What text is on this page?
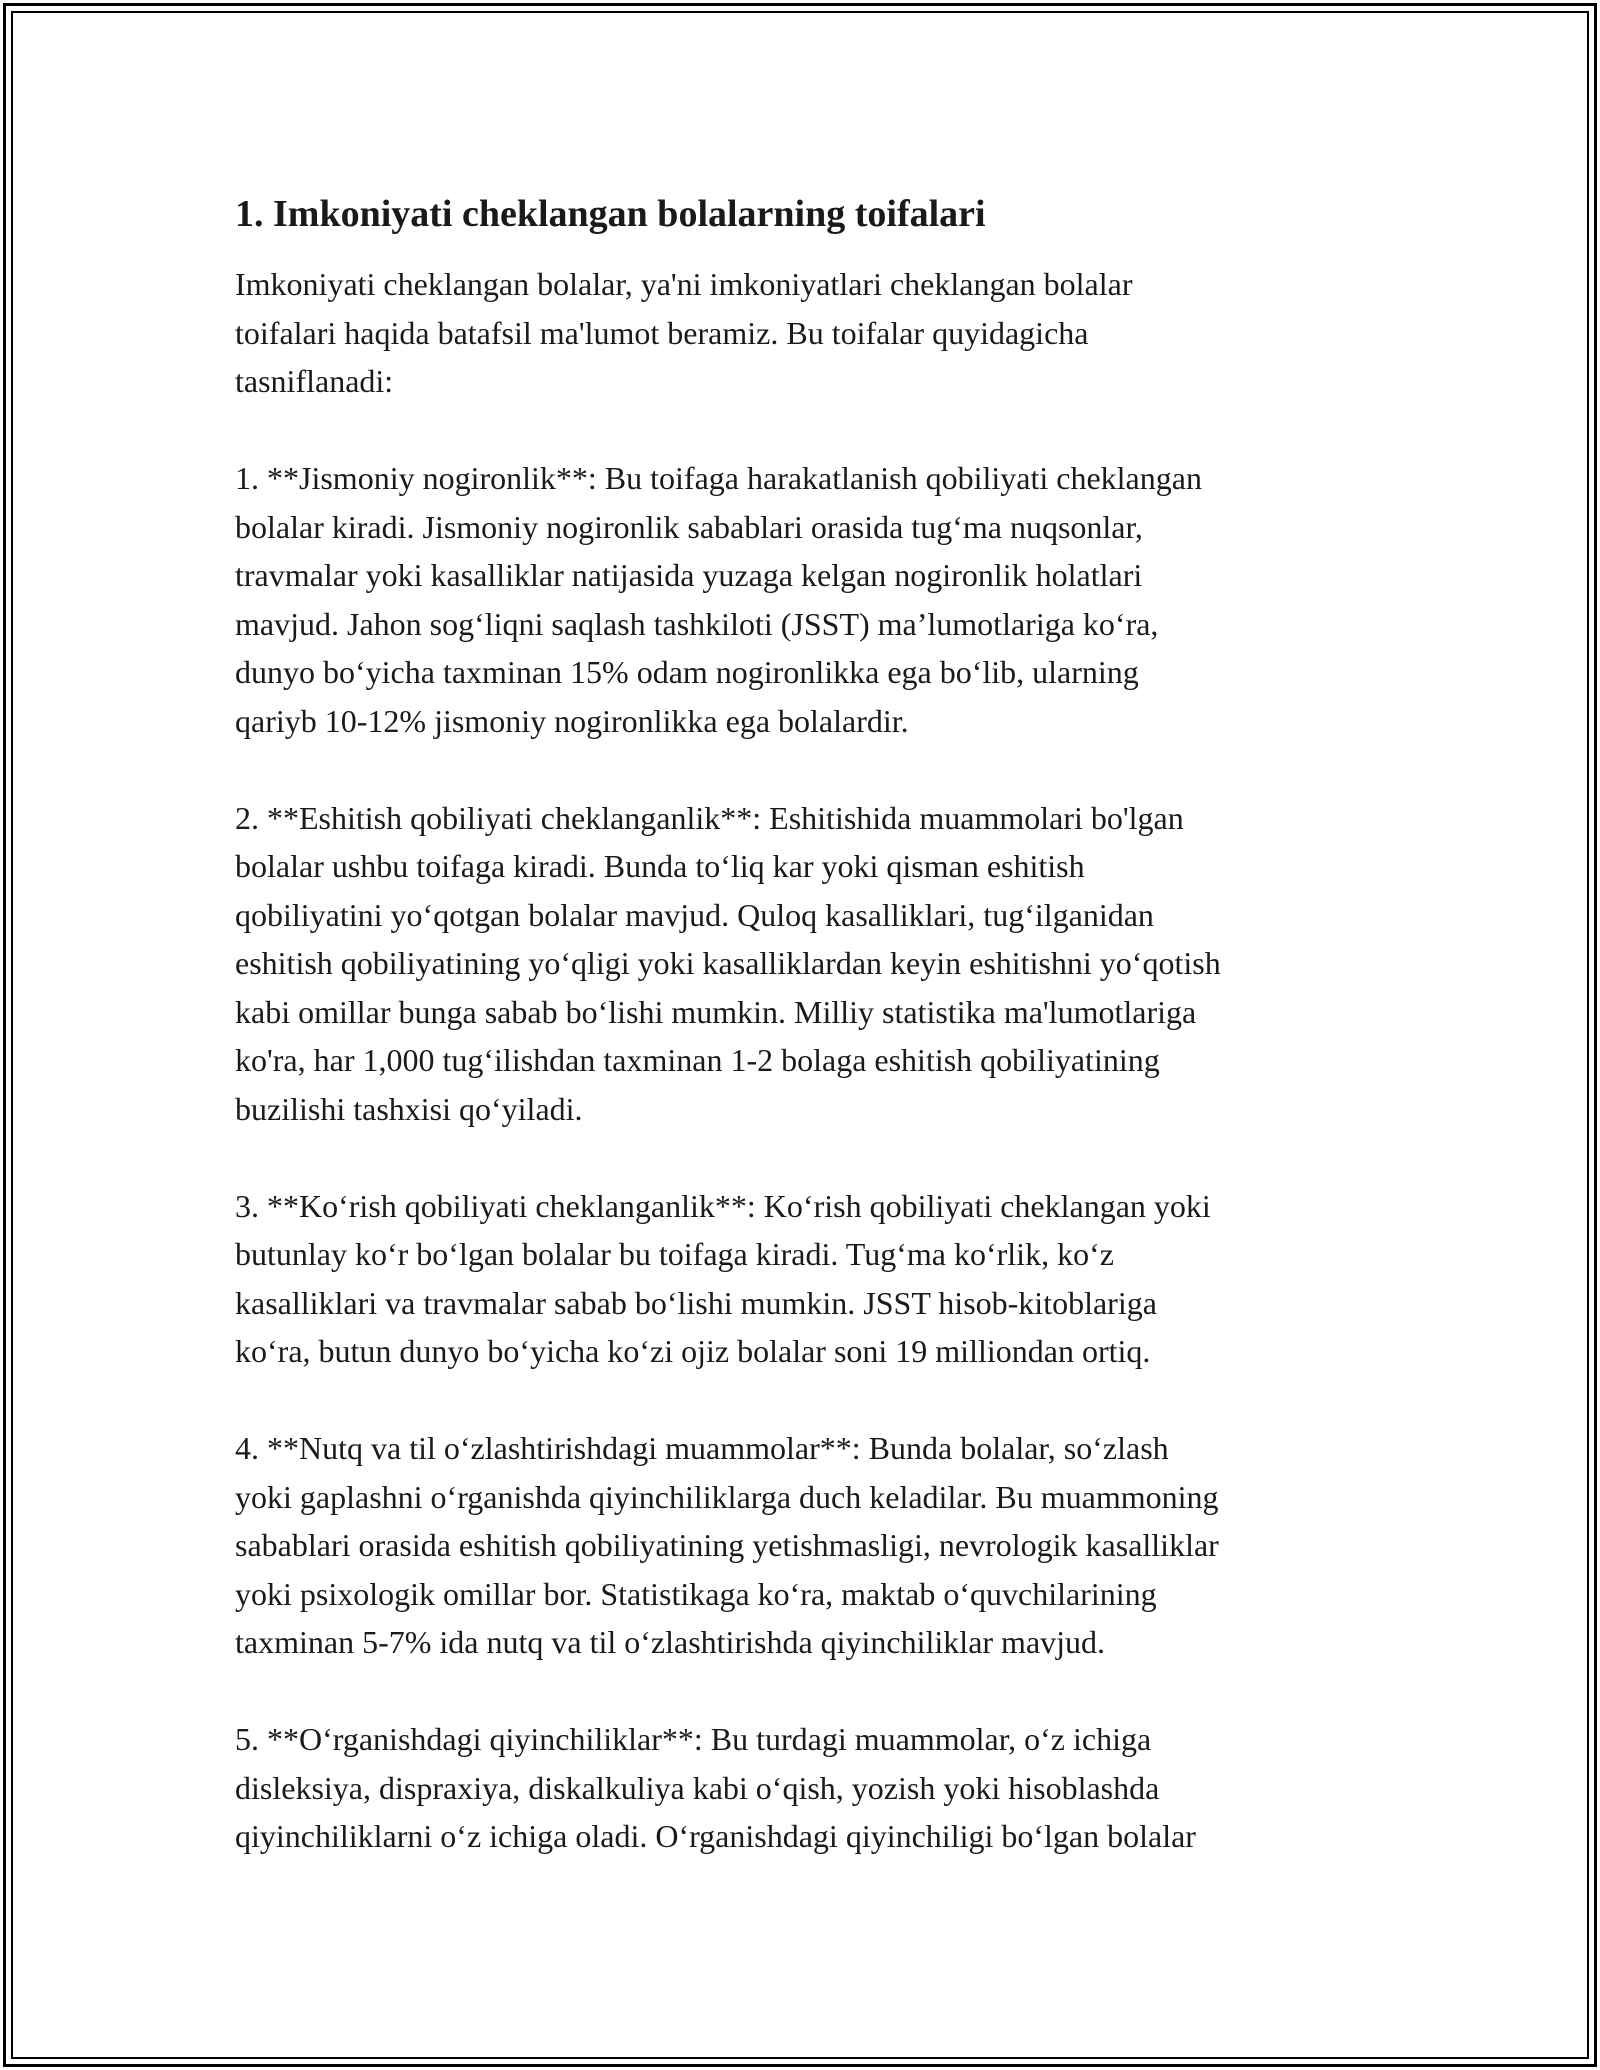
1. Imkoniyati cheklangan bolalarning toifalari

Imkoniyati cheklangan bolalar, ya'ni imkoniyatlari cheklangan bolalar
toifalari haqida batafsil ma'lumot beramiz. Bu toifalar quyidagicha
tasniflanadi:

1. **Jismoniy nogironlik**: Bu toifaga harakatlanish qobiliyati cheklangan
bolalar kiradi. Jismoniy nogironlik sabablari orasida tug‘ma nuqsonlar,
travmalar yoki kasalliklar natijasida yuzaga kelgan nogironlik holatlari
mavjud. Jahon sog‘liqni saqlash tashkiloti (JSST) ma’lumotlariga ko‘ra,
dunyo bo‘yicha taxminan 15% odam nogironlikka ega bo‘lib, ularning
qariyb 10-12% jismoniy nogironlikka ega bolalardir.

2. **Eshitish qobiliyati cheklanganlik**: Eshitishida muammolari bo'lgan
bolalar ushbu toifaga kiradi. Bunda to‘liq kar yoki qisman eshitish
qobiliyatini yo‘qotgan bolalar mavjud. Quloq kasalliklari, tug‘ilganidan
eshitish qobiliyatining yo‘qligi yoki kasalliklardan keyin eshitishni yo‘qotish
kabi omillar bunga sabab bo‘lishi mumkin. Milliy statistika ma'lumotlariga
ko'ra, har 1,000 tug‘ilishdan taxminan 1-2 bolaga eshitish qobiliyatining
buzilishi tashxisi qo‘yiladi.

3. **Ko‘rish qobiliyati cheklanganlik**: Ko‘rish qobiliyati cheklangan yoki
butunlay ko‘r bo‘lgan bolalar bu toifaga kiradi. Tug‘ma ko‘rlik, ko‘z
kasalliklari va travmalar sabab bo‘lishi mumkin. JSST hisob-kitoblariga
ko‘ra, butun dunyo bo‘yicha ko‘zi ojiz bolalar soni 19 milliondan ortiq.

4. **Nutq va til o‘zlashtirishdagi muammolar**: Bunda bolalar, so‘zlash
yoki gaplashni o‘rganishda qiyinchiliklarga duch keladilar. Bu muammoning
sabablari orasida eshitish qobiliyatining yetishmasligi, nevrologik kasalliklar
yoki psixologik omillar bor. Statistikaga ko‘ra, maktab o‘quvchilarining
taxminan 5-7% ida nutq va til o‘zlashtirishda qiyinchiliklar mavjud.

5. **O‘rganishdagi qiyinchiliklar**: Bu turdagi muammolar, o‘z ichiga
disleksiya, dispraxiya, diskalkuliya kabi o‘qish, yozish yoki hisoblashda
qiyinchiliklarni o‘z ichiga oladi. O‘rganishdagi qiyinchiligi bo‘lgan bolalar
